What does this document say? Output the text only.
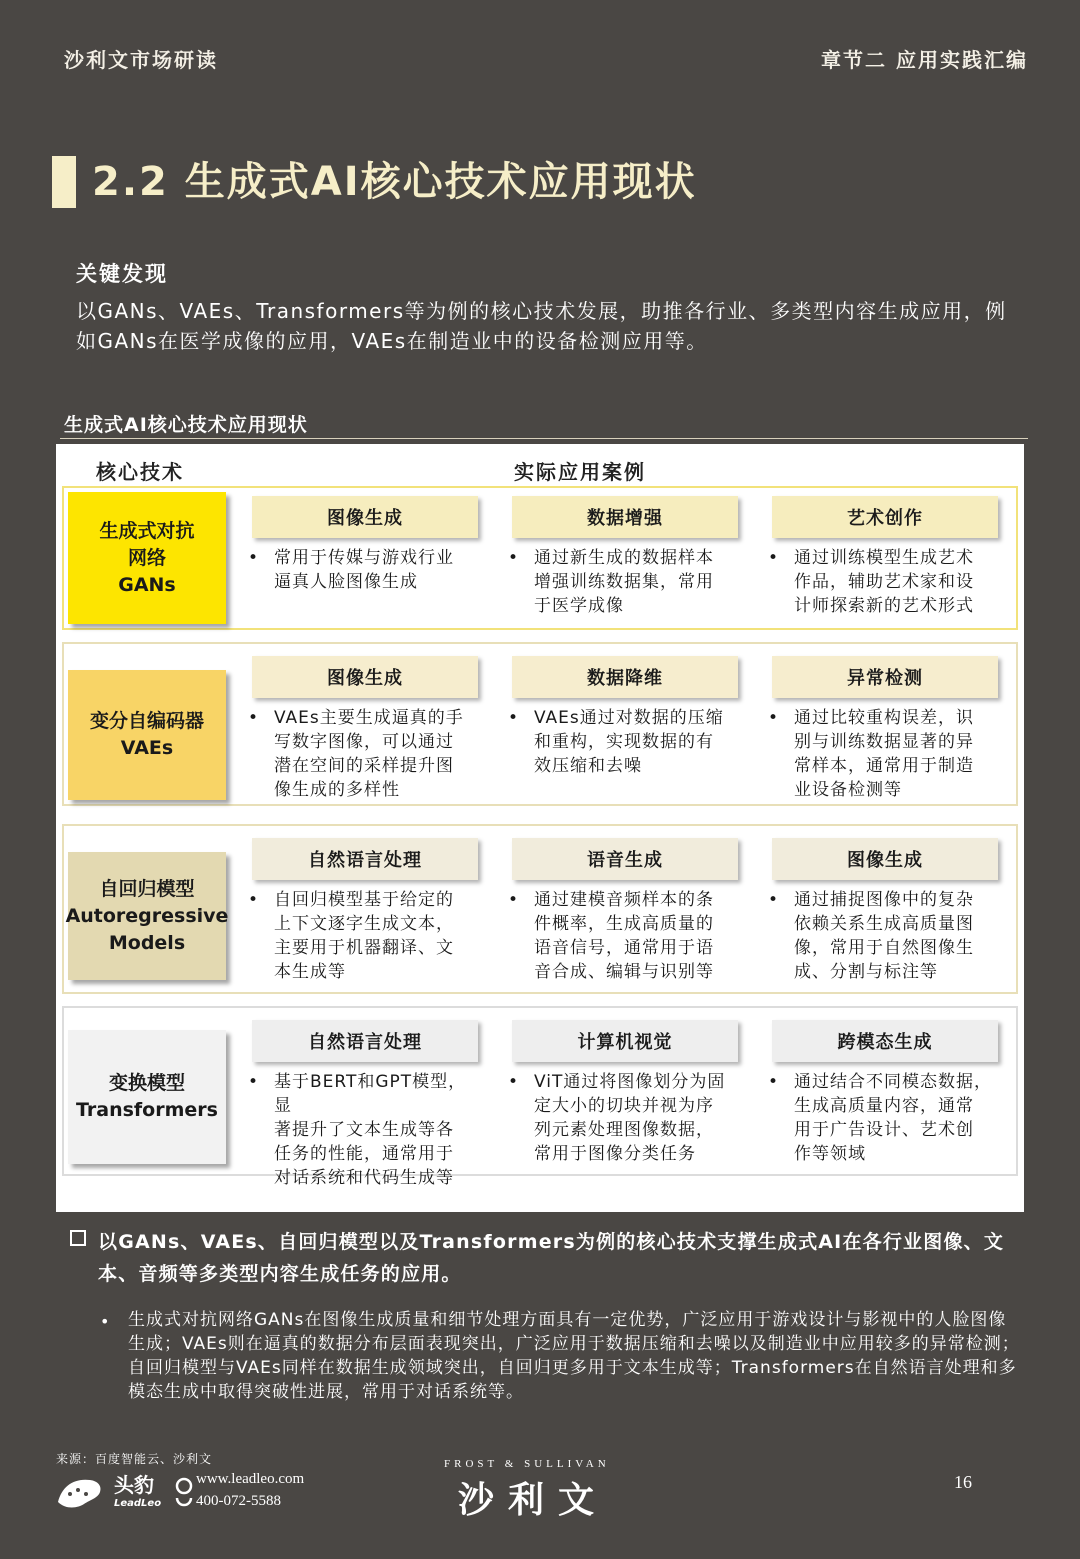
沙利文市场研读	章节二 应用实践汇编
2.2 生成式AI核心技术应用现状
关键发现
以GANs、VAEs、Transformers等为例的核心技术发展，助推各行业、多类型内容生成应用，例如GANs在医学成像的应用，VAEs在制造业中的设备检测应用等。
生成式AI核心技术应用现状
核心技术	实际应用案例
生成式对抗
网络
GANs
图像生成
• 常用于传媒与游戏行业
逼真人脸图像生成
数据增强
• 通过新生成的数据样本
增强训练数据集，常用
于医学成像
艺术创作
• 通过训练模型生成艺术
作品，辅助艺术家和设
计师探索新的艺术形式
变分自编码器
VAEs
图像生成
• VAEs主要生成逼真的手
写数字图像，可以通过
潜在空间的采样提升图
像生成的多样性
数据降维
• VAEs通过对数据的压缩
和重构，实现数据的有
效压缩和去噪
异常检测
• 通过比较重构误差，识
别与训练数据显著的异
常样本，通常用于制造
业设备检测等
自回归模型
Autoregressive
Models
自然语言处理
• 自回归模型基于给定的
上下文逐字生成文本，
主要用于机器翻译、文
本生成等
语音生成
• 通过建模音频样本的条
件概率，生成高质量的
语音信号，通常用于语
音合成、编辑与识别等
图像生成
• 通过捕捉图像中的复杂
依赖关系生成高质量图
像，常用于自然图像生
成、分割与标注等
变换模型
Transformers
自然语言处理
• 基于BERT和GPT模型，显
著提升了文本生成等各
任务的性能，通常用于
对话系统和代码生成等
计算机视觉
• ViT通过将图像划分为固
定大小的切块并视为序
列元素处理图像数据，
常用于图像分类任务
跨模态生成
• 通过结合不同模态数据，
生成高质量内容，通常
用于广告设计、艺术创
作等领域
以GANs、VAEs、自回归模型以及Transformers为例的核心技术支撑生成式AI在各行业图像、文本、音频等多类型内容生成任务的应用。
• 生成式对抗网络GANs在图像生成质量和细节处理方面具有一定优势，广泛应用于游戏设计与影视中的人脸图像生成；VAEs则在逼真的数据分布层面表现突出，广泛应用于数据压缩和去噪以及制造业中应用较多的异常检测；自回归模型与VAEs同样在数据生成领域突出，自回归更多用于文本生成等；Transformers在自然语言处理和多模态生成中取得突破性进展，常用于对话系统等。
来源：百度智能云、沙利文
头豹
LeadLeo
www.leadleo.com
400-072-5588
FROST & SULLIVAN
沙利文	16
